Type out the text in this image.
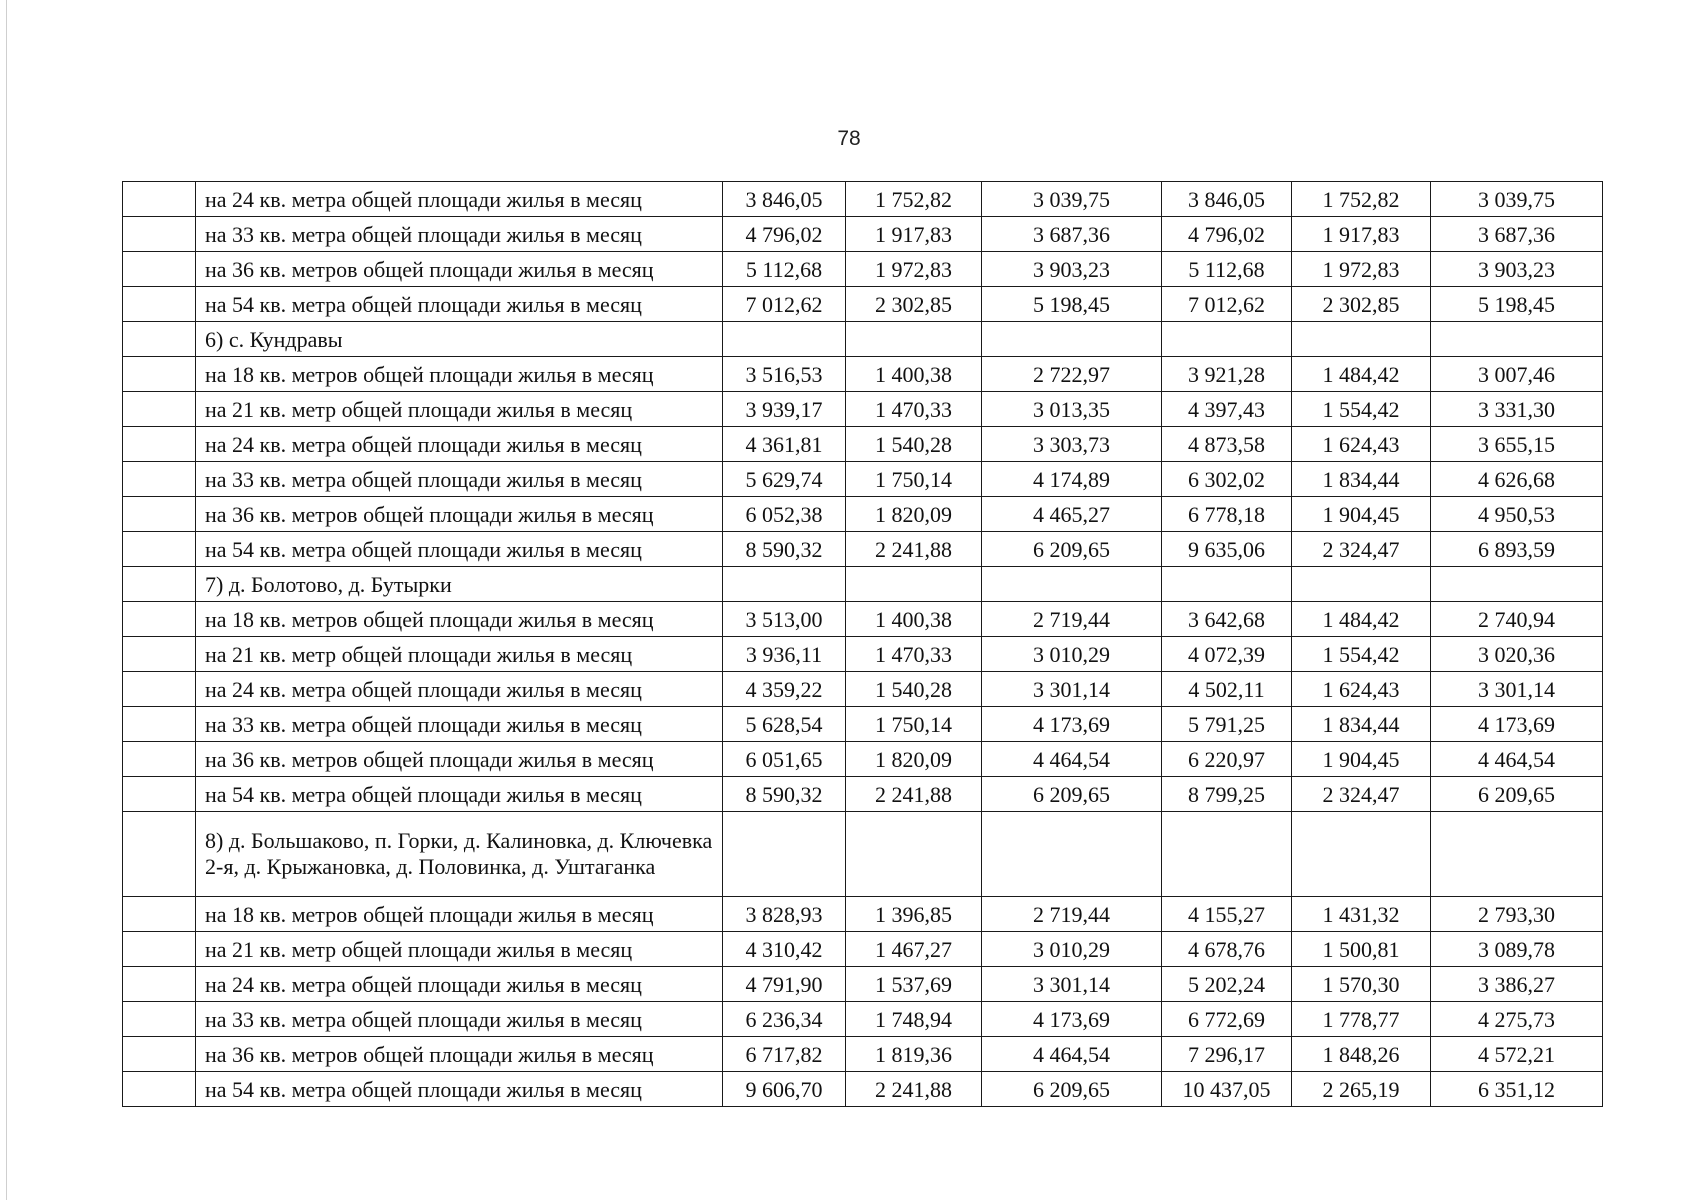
78
	на 24 кв. метра общей площади жилья в месяц	3 846,05	1 752,82	3 039,75	3 846,05	1 752,82	3 039,75
	на 33 кв. метра общей площади жилья в месяц	4 796,02	1 917,83	3 687,36	4 796,02	1 917,83	3 687,36
	на 36 кв. метров общей площади жилья в месяц	5 112,68	1 972,83	3 903,23	5 112,68	1 972,83	3 903,23
	на 54 кв. метра общей площади жилья в месяц	7 012,62	2 302,85	5 198,45	7 012,62	2 302,85	5 198,45
	6) с. Кундравы						
	на 18 кв. метров общей площади жилья в месяц	3 516,53	1 400,38	2 722,97	3 921,28	1 484,42	3 007,46
	на 21 кв. метр общей площади жилья в месяц	3 939,17	1 470,33	3 013,35	4 397,43	1 554,42	3 331,30
	на 24 кв. метра общей площади жилья в месяц	4 361,81	1 540,28	3 303,73	4 873,58	1 624,43	3 655,15
	на 33 кв. метра общей площади жилья в месяц	5 629,74	1 750,14	4 174,89	6 302,02	1 834,44	4 626,68
	на 36 кв. метров общей площади жилья в месяц	6 052,38	1 820,09	4 465,27	6 778,18	1 904,45	4 950,53
	на 54 кв. метра общей площади жилья в месяц	8 590,32	2 241,88	6 209,65	9 635,06	2 324,47	6 893,59
	7) д. Болотово, д. Бутырки						
	на 18 кв. метров общей площади жилья в месяц	3 513,00	1 400,38	2 719,44	3 642,68	1 484,42	2 740,94
	на 21 кв. метр общей площади жилья в месяц	3 936,11	1 470,33	3 010,29	4 072,39	1 554,42	3 020,36
	на 24 кв. метра общей площади жилья в месяц	4 359,22	1 540,28	3 301,14	4 502,11	1 624,43	3 301,14
	на 33 кв. метра общей площади жилья в месяц	5 628,54	1 750,14	4 173,69	5 791,25	1 834,44	4 173,69
	на 36 кв. метров общей площади жилья в месяц	6 051,65	1 820,09	4 464,54	6 220,97	1 904,45	4 464,54
	на 54 кв. метра общей площади жилья в месяц	8 590,32	2 241,88	6 209,65	8 799,25	2 324,47	6 209,65
	8) д. Большаково, п. Горки, д. Калиновка, д. Ключевка 2-я, д. Крыжановка, д. Половинка, д. Уштаганка						
	на 18 кв. метров общей площади жилья в месяц	3 828,93	1 396,85	2 719,44	4 155,27	1 431,32	2 793,30
	на 21 кв. метр общей площади жилья в месяц	4 310,42	1 467,27	3 010,29	4 678,76	1 500,81	3 089,78
	на 24 кв. метра общей площади жилья в месяц	4 791,90	1 537,69	3 301,14	5 202,24	1 570,30	3 386,27
	на 33 кв. метра общей площади жилья в месяц	6 236,34	1 748,94	4 173,69	6 772,69	1 778,77	4 275,73
	на 36 кв. метров общей площади жилья в месяц	6 717,82	1 819,36	4 464,54	7 296,17	1 848,26	4 572,21
	на 54 кв. метра общей площади жилья в месяц	9 606,70	2 241,88	6 209,65	10 437,05	2 265,19	6 351,12
